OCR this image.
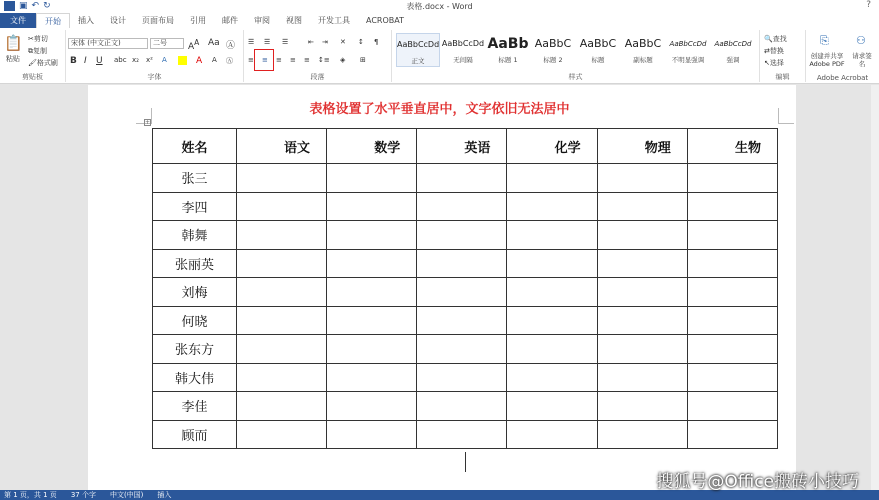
W ▣ ↶ ↻	表格.docx - Word	?
文件	开始	插入	设计	页面布局	引用	邮件	审阅	视图	开发工具	ACROBAT
📋
粘贴
✂剪切
⧉复制
🖌格式刷
剪贴板
宋体 (中文正文)	二号	$A^A$ Aa Ⓐ
B I U abc x₂ x² A	A A Ⓐ
字体
☰ ☰ ☰	⇤ ⇥ ✕ ↕ ¶
≡ ≡ ≡ ≡ ≡ ↕≡ ◈ ⊞
段落
AaBbCcDd
正文
AaBbCcDd
无间隔
AaBb
标题 1
AaBbC
标题 2
AaBbC
标题
AaBbC
副标题
AaBbCcDd
不明显强调
AaBbCcDd
强调
样式
🔍查找
⇄替换
↖选择
编辑
⎘
创建并共享 Adobe PDF
⚇
请求签名
Adobe Acrobat
表格设置了水平垂直居中，文字依旧无法居中
+
姓名	语文	数学	英语	化学	物理	生物
张三						
李四						
韩舞						
张丽英						
刘梅						
何晓						
张东方						
韩大伟						
李佳						
顾而						
第 1 页，共 1 页 37 个字 中文(中国) 插入
搜狐号@Office搬砖小技巧
